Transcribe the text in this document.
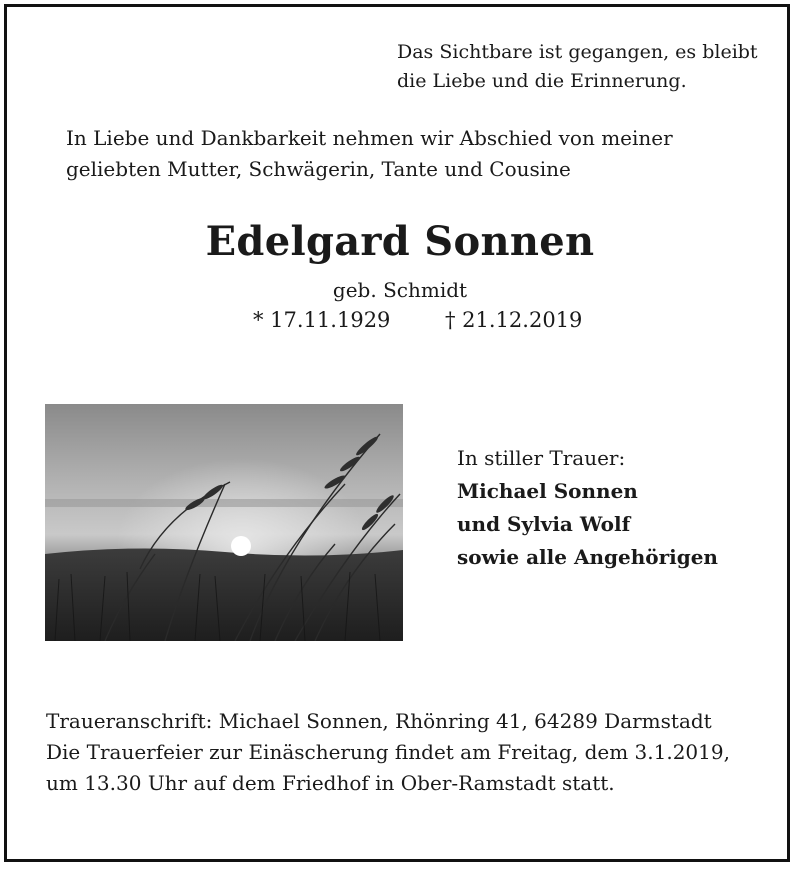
Das Sichtbare ist gegangen, es bleibt
die Liebe und die Erinnerung.
In Liebe und Dankbarkeit nehmen wir Abschied von meiner
geliebten Mutter, Schwägerin, Tante und Cousine
Edelgard Sonnen
geb. Schmidt
* 17.11.1929	† 21.12.2019
In stiller Trauer:
Michael Sonnen
und Sylvia Wolf
sowie alle Angehörigen
Traueranschrift: Michael Sonnen, Rhönring 41, 64289 Darmstadt
Die Trauerfeier zur Einäscherung findet am Freitag, dem 3.1.2019,
um 13.30 Uhr auf dem Friedhof in Ober-Ramstadt statt.
